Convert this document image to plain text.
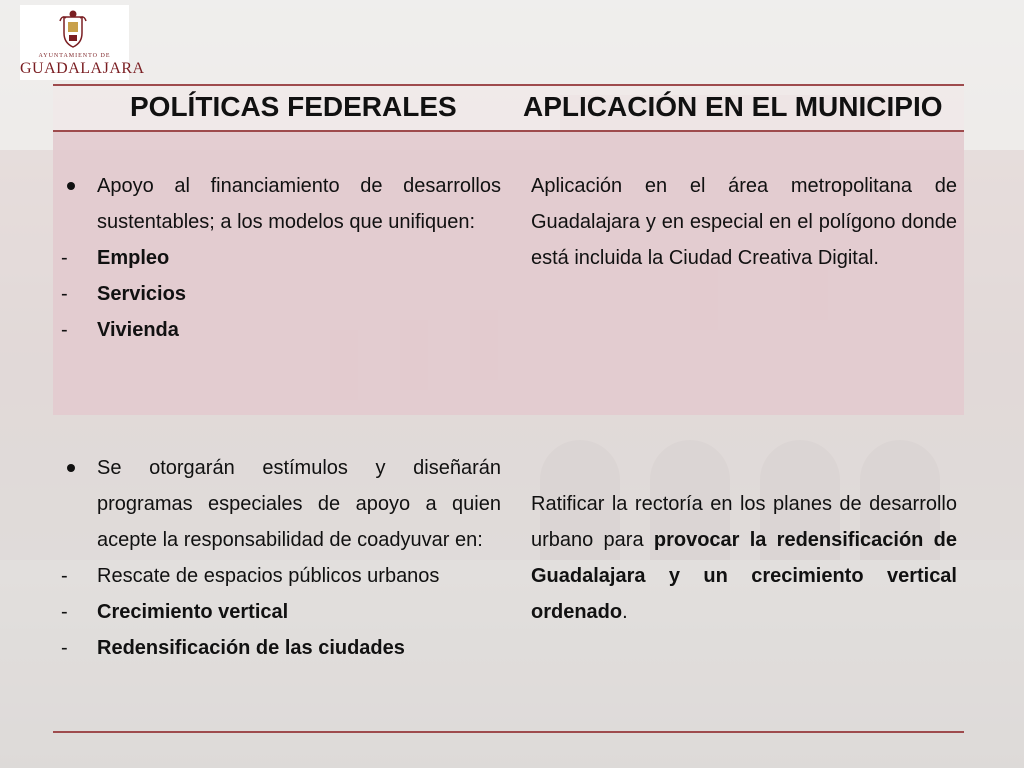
AYUNTAMIENTO DE
GUADALAJARA
POLÍTICAS FEDERALES APLICACIÓN EN EL MUNICIPIO

Apoyo al financiamiento de desarrollos sustentables; a los modelos que unifiquen:

- Empleo

- Servicios

- Vivienda

Aplicación en el área metropolitana de Guadalajara y en especial en el polígono donde está incluida la Ciudad Creativa Digital.

Se otorgarán estímulos y diseñarán programas especiales de apoyo a quien acepte la responsabilidad de coadyuvar en:

- Rescate de espacios públicos urbanos

- Crecimiento vertical

- Redensificación de las ciudades

Ratificar la rectoría en los planes de desarrollo urbano para provocar la redensificación de Guadalajara y un crecimiento vertical ordenado.
